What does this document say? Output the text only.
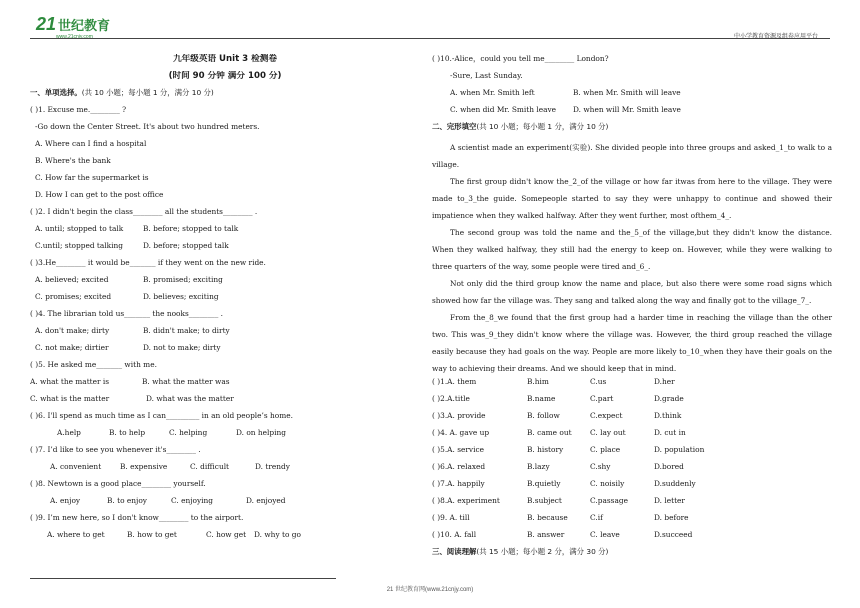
21 世纪教育
www.21cnjy.com	中小学教育资源及组卷应用平台
九年级英语 Unit 3 检测卷
(时间 90 分钟 满分 100 分)
一、单项选择。(共 10 小题；每小题 1 分，满分 10 分)
( )1. Excuse me.________ ?
-Go down the Center Street. It's about two hundred meters.
A. Where can I find a hospital
B. Where's the bank
C. How far the supermarket is
D. How I can get to the post office
( )2. I didn't begin the class________ all the students________ .
A. until; stopped to talk	B. before; stopped to talk
C.until; stopped talking	D. before; stopped talk
( )3.He________ it would be_______ if they went on the new ride.
A. believed; excited	B. promised; exciting
C. promises; excited	D. believes; exciting
( )4. The librarian told us_______ the nooks________ .
A. don't make; dirty	B. didn't make; to dirty
C. not make; dirtier	D. not to make; dirty
( )5. He asked me_______ with me.
A. what the matter is	B. what the matter was
C. what is the matter	D. what was the matter
( )6. I'll spend as much time as I can_________ in an old people’s home.
A.help	B. to help	C. helping	D. on helping
( )7. I’d like to see you whenever it's________ .
A. convenient	B. expensive	C. difficult	D. trendy
( )8. Newtown is a good place________ yourself.
A. enjoy	B. to enjoy	C. enjoying	D. enjoyed
( )9. I’m new here, so I don't know________ to the airport.
A. where to get	B. how to get	C. how get	D. why to go
( )10.-Alice，could you tell me________ London?
-Sure, Last Sunday.
A. when Mr. Smith left	B. when Mr. Smith will leave
C. when did Mr. Smith leave D. when will Mr. Smith leave
二、完形填空(共 10 小题；每小题 1 分，满分 10 分)
A scientist made an experiment(实验). She divided people into three groups and asked_1_to walk to a village.
The first group didn't know the_2_of the village or how far itwas from here to the village. They were made to_3_the guide. Somepeople started to say they were unhappy to continue and showed their impatience when they walked halfway. After they went further, most ofthem_4_.
The second group was told the name and the_5_of the village,but they didn't know the distance. When they walked halfway, they still had the energy to keep on. However, while they were walking to three quarters of the way, some people were tired and_6_.
Not only did the third group know the name and place, but also there were some road signs which showed how far the village was. They sang and talked along the way and finally got to the village_7_.
From the_8_we found that the first group had a harder time in reaching the village than the other two. This was_9_they didn't know where the village was. However, the third group reached the village easily because they had goals on the way. People are more likely to_10_when they have their goals on the way to achieving their dreams. And we should keep that in mind.
( )1.A. them	B.him	C.us	D.her
( )2.A.title	B.name	C.part	D.grade
( )3.A. provide	B. follow	C.expect	D.think
( )4. A. gave up	B. came out	C. lay out	D. cut in
( )5.A. service	B. history	C. place	D. population
( )6.A. relaxed	B.lazy	C.shy	D.bored
( )7.A. happily	B.quietly	C. noisily	D.suddenly
( )8.A. experiment	B.subject	C.passage	D. letter
( )9. A. till	B. because	C.if	D. before
( )10. A. fall	B. answer	C. leave	D.succeed
三、阅读理解(共 15 小题；每小题 2 分，满分 30 分)
21 世纪教育网(www.21cnjy.com)
